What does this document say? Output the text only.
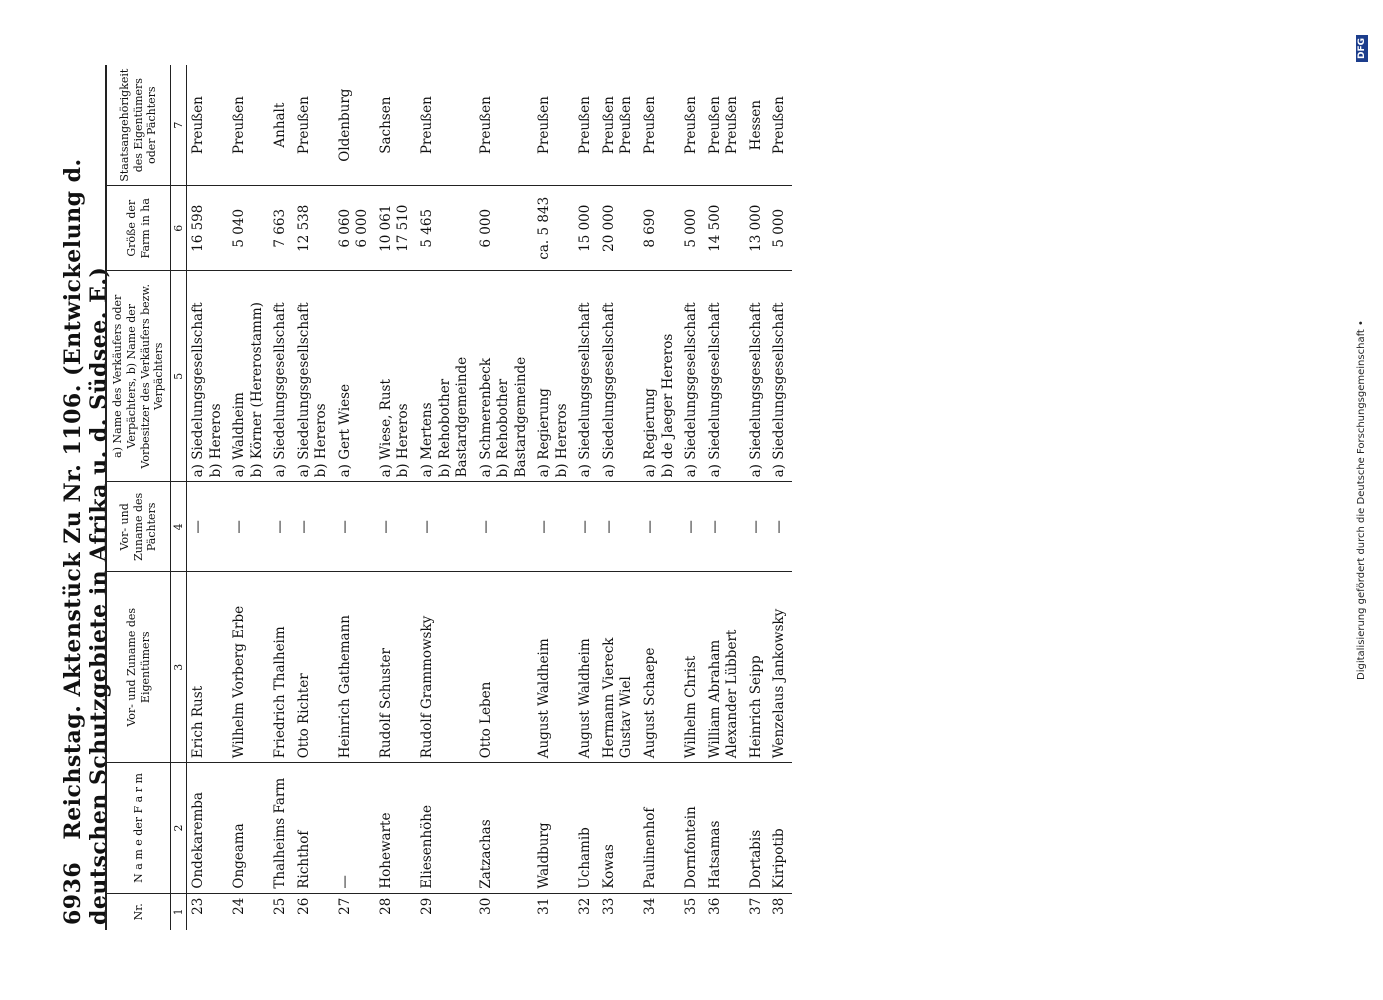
6936 Reichstag. Aktenstück Zu Nr. 1106. (Entwickelung d. deutschen Schutzgebiete in Afrika u. d. Südsee. E.) Nr.	N a m e der F a r m	Vor- und Zuname des Eigentümers	Vor- und Zuname des Pächters	a) Name des Verkäufers oder Verpächters, b) Name der Vorbesitzer des Verkäufers bezw. Verpächters	Größe der Farm in ha	Staatsangehörigkeit des Eigentümers oder Pächters
1	2	3	4	5	6	7

23	Ondekaremba	Erich Rust	—	a) Siedelungsgesellschaft b) Hereros	16 598	Preußen

24	Ongeama	Wilhelm Vorberg Erbe	—	a) Waldheim b) Körner (Hererostamm)	5 040	Preußen

25	Thalheims Farm	Friedrich Thalheim	—	a) Siedelungsgesellschaft	7 663	Anhalt

26	Richthof	Otto Richter	—	a) Siedelungsgesellschaft b) Hereros	12 538	Preußen

27	—	Heinrich Gathemann	—	a) Gert Wiese	6 060 6 000	Oldenburg

28	Hohewarte	Rudolf Schuster	—	a) Wiese, Rust b) Hereros	10 061 17 510	Sachsen

29	Eliesenhöhe	Rudolf Grammowsky	—	a) Mertens b) Rehobother Bastardgemeinde	5 465	Preußen

30	Zatzachas	Otto Leben	—	a) Schmerenbeck b) Rehobother Bastardgemeinde	6 000	Preußen

31	Waldburg	August Waldheim	—	a) Regierung b) Hereros	ca. 5 843	Preußen

32	Uchamib	August Waldheim	—	a) Siedelungsgesellschaft	15 000	Preußen

33	Kowas	Hermann Viereck Gustav Wiel	—	a) Siedelungsgesellschaft	20 000	Preußen Preußen

34	Paulinenhof	August Schaepe	—	a) Regierung b) de Jaeger Hereros	8 690	Preußen

35	Dornfontein	Wilhelm Christ	—	a) Siedelungsgesellschaft	5 000	Preußen

36	Hatsamas	William Abraham Alexander Lübbert	—	a) Siedelungsgesellschaft	14 500	Preußen Preußen

37	Dortabis	Heinrich Seipp	—	a) Siedelungsgesellschaft	13 000	Hessen

38	Kiripotib	Wenzelaus Jankowsky	—	a) Siedelungsgesellschaft	5 000	Preußen
Digitalisierung gefördert durch die Deutsche Forschungsgemeinschaft •
DFG
